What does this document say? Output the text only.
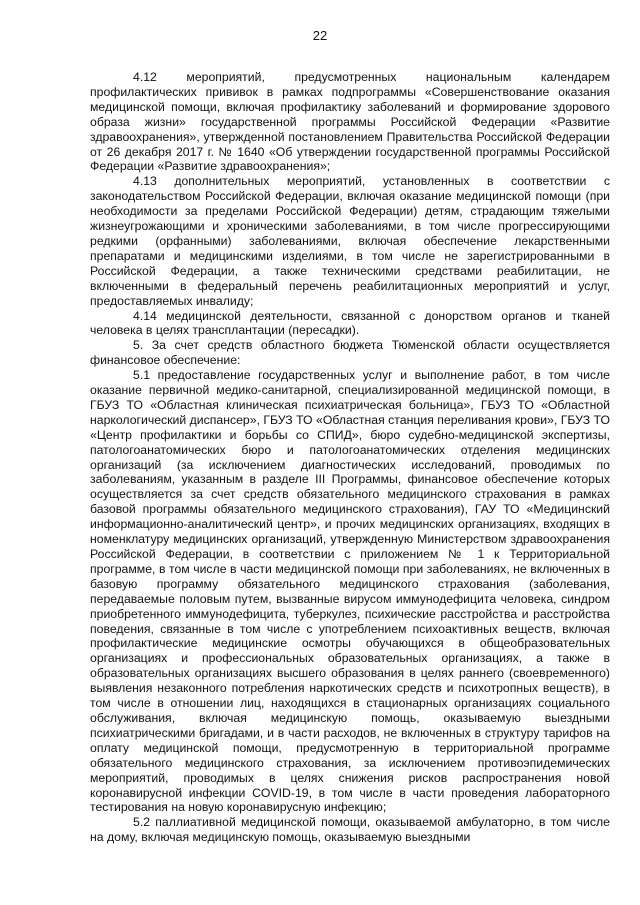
22

4.12 мероприятий, предусмотренных национальным календарем профилактических прививок в рамках подпрограммы «Совершенствование оказания медицинской помощи, включая профилактику заболеваний и формирование здорового образа жизни» государственной программы Российской Федерации «Развитие здравоохранения», утвержденной постановлением Правительства Российской Федерации от 26 декабря 2017 г. № 1640 «Об утверждении государственной программы Российской Федерации «Развитие здравоохранения»;

4.13 дополнительных мероприятий, установленных в соответствии с законодательством Российской Федерации, включая оказание медицинской помощи (при необходимости за пределами Российской Федерации) детям, страдающим тяжелыми жизнеугрожающими и хроническими заболеваниями, в том числе прогрессирующими редкими (орфанными) заболеваниями, включая обеспечение лекарственными препаратами и медицинскими изделиями, в том числе не зарегистрированными в Российской Федерации, а также техническими средствами реабилитации, не включенными в федеральный перечень реабилитационных мероприятий и услуг, предоставляемых инвалиду;

4.14 медицинской деятельности, связанной с донорством органов и тканей человека в целях трансплантации (пересадки).

5. За счет средств областного бюджета Тюменской области осуществляется финансовое обеспечение:

5.1 предоставление государственных услуг и выполнение работ, в том числе оказание первичной медико-санитарной, специализированной медицинской помощи, в ГБУЗ ТО «Областная клиническая психиатрическая больница», ГБУЗ ТО «Областной наркологический диспансер», ГБУЗ ТО «Областная станция переливания крови», ГБУЗ ТО «Центр профилактики и борьбы со СПИД», бюро судебно-медицинской экспертизы, патологоанатомических бюро и патологоанатомических отделения медицинских организаций (за исключением диагностических исследований, проводимых по заболеваниям, указанным в разделе III Программы, финансовое обеспечение которых осуществляется за счет средств обязательного медицинского страхования в рамках базовой программы обязательного медицинского страхования), ГАУ ТО «Медицинский информационно-аналитический центр», и прочих медицинских организациях, входящих в номенклатуру медицинских организаций, утвержденную Министерством здравоохранения Российской Федерации, в соответствии с приложением № 1 к Территориальной программе, в том числе в части медицинской помощи при заболеваниях, не включенных в базовую программу обязательного медицинского страхования (заболевания, передаваемые половым путем, вызванные вирусом иммунодефицита человека, синдром приобретенного иммунодефицита, туберкулез, психические расстройства и расстройства поведения, связанные в том числе с употреблением психоактивных веществ, включая профилактические медицинские осмотры обучающихся в общеобразовательных организациях и профессиональных образовательных организациях, а также в образовательных организациях высшего образования в целях раннего (своевременного) выявления незаконного потребления наркотических средств и психотропных веществ), в том числе в отношении лиц, находящихся в стационарных организациях социального обслуживания, включая медицинскую помощь, оказываемую выездными психиатрическими бригадами, и в части расходов, не включенных в структуру тарифов на оплату медицинской помощи, предусмотренную в территориальной программе обязательного медицинского страхования, за исключением противоэпидемических мероприятий, проводимых в целях снижения рисков распространения новой коронавирусной инфекции COVID-19, в том числе в части проведения лабораторного тестирования на новую коронавирусную инфекцию;

5.2 паллиативной медицинской помощи, оказываемой амбулаторно, в том числе на дому, включая медицинскую помощь, оказываемую выездными
